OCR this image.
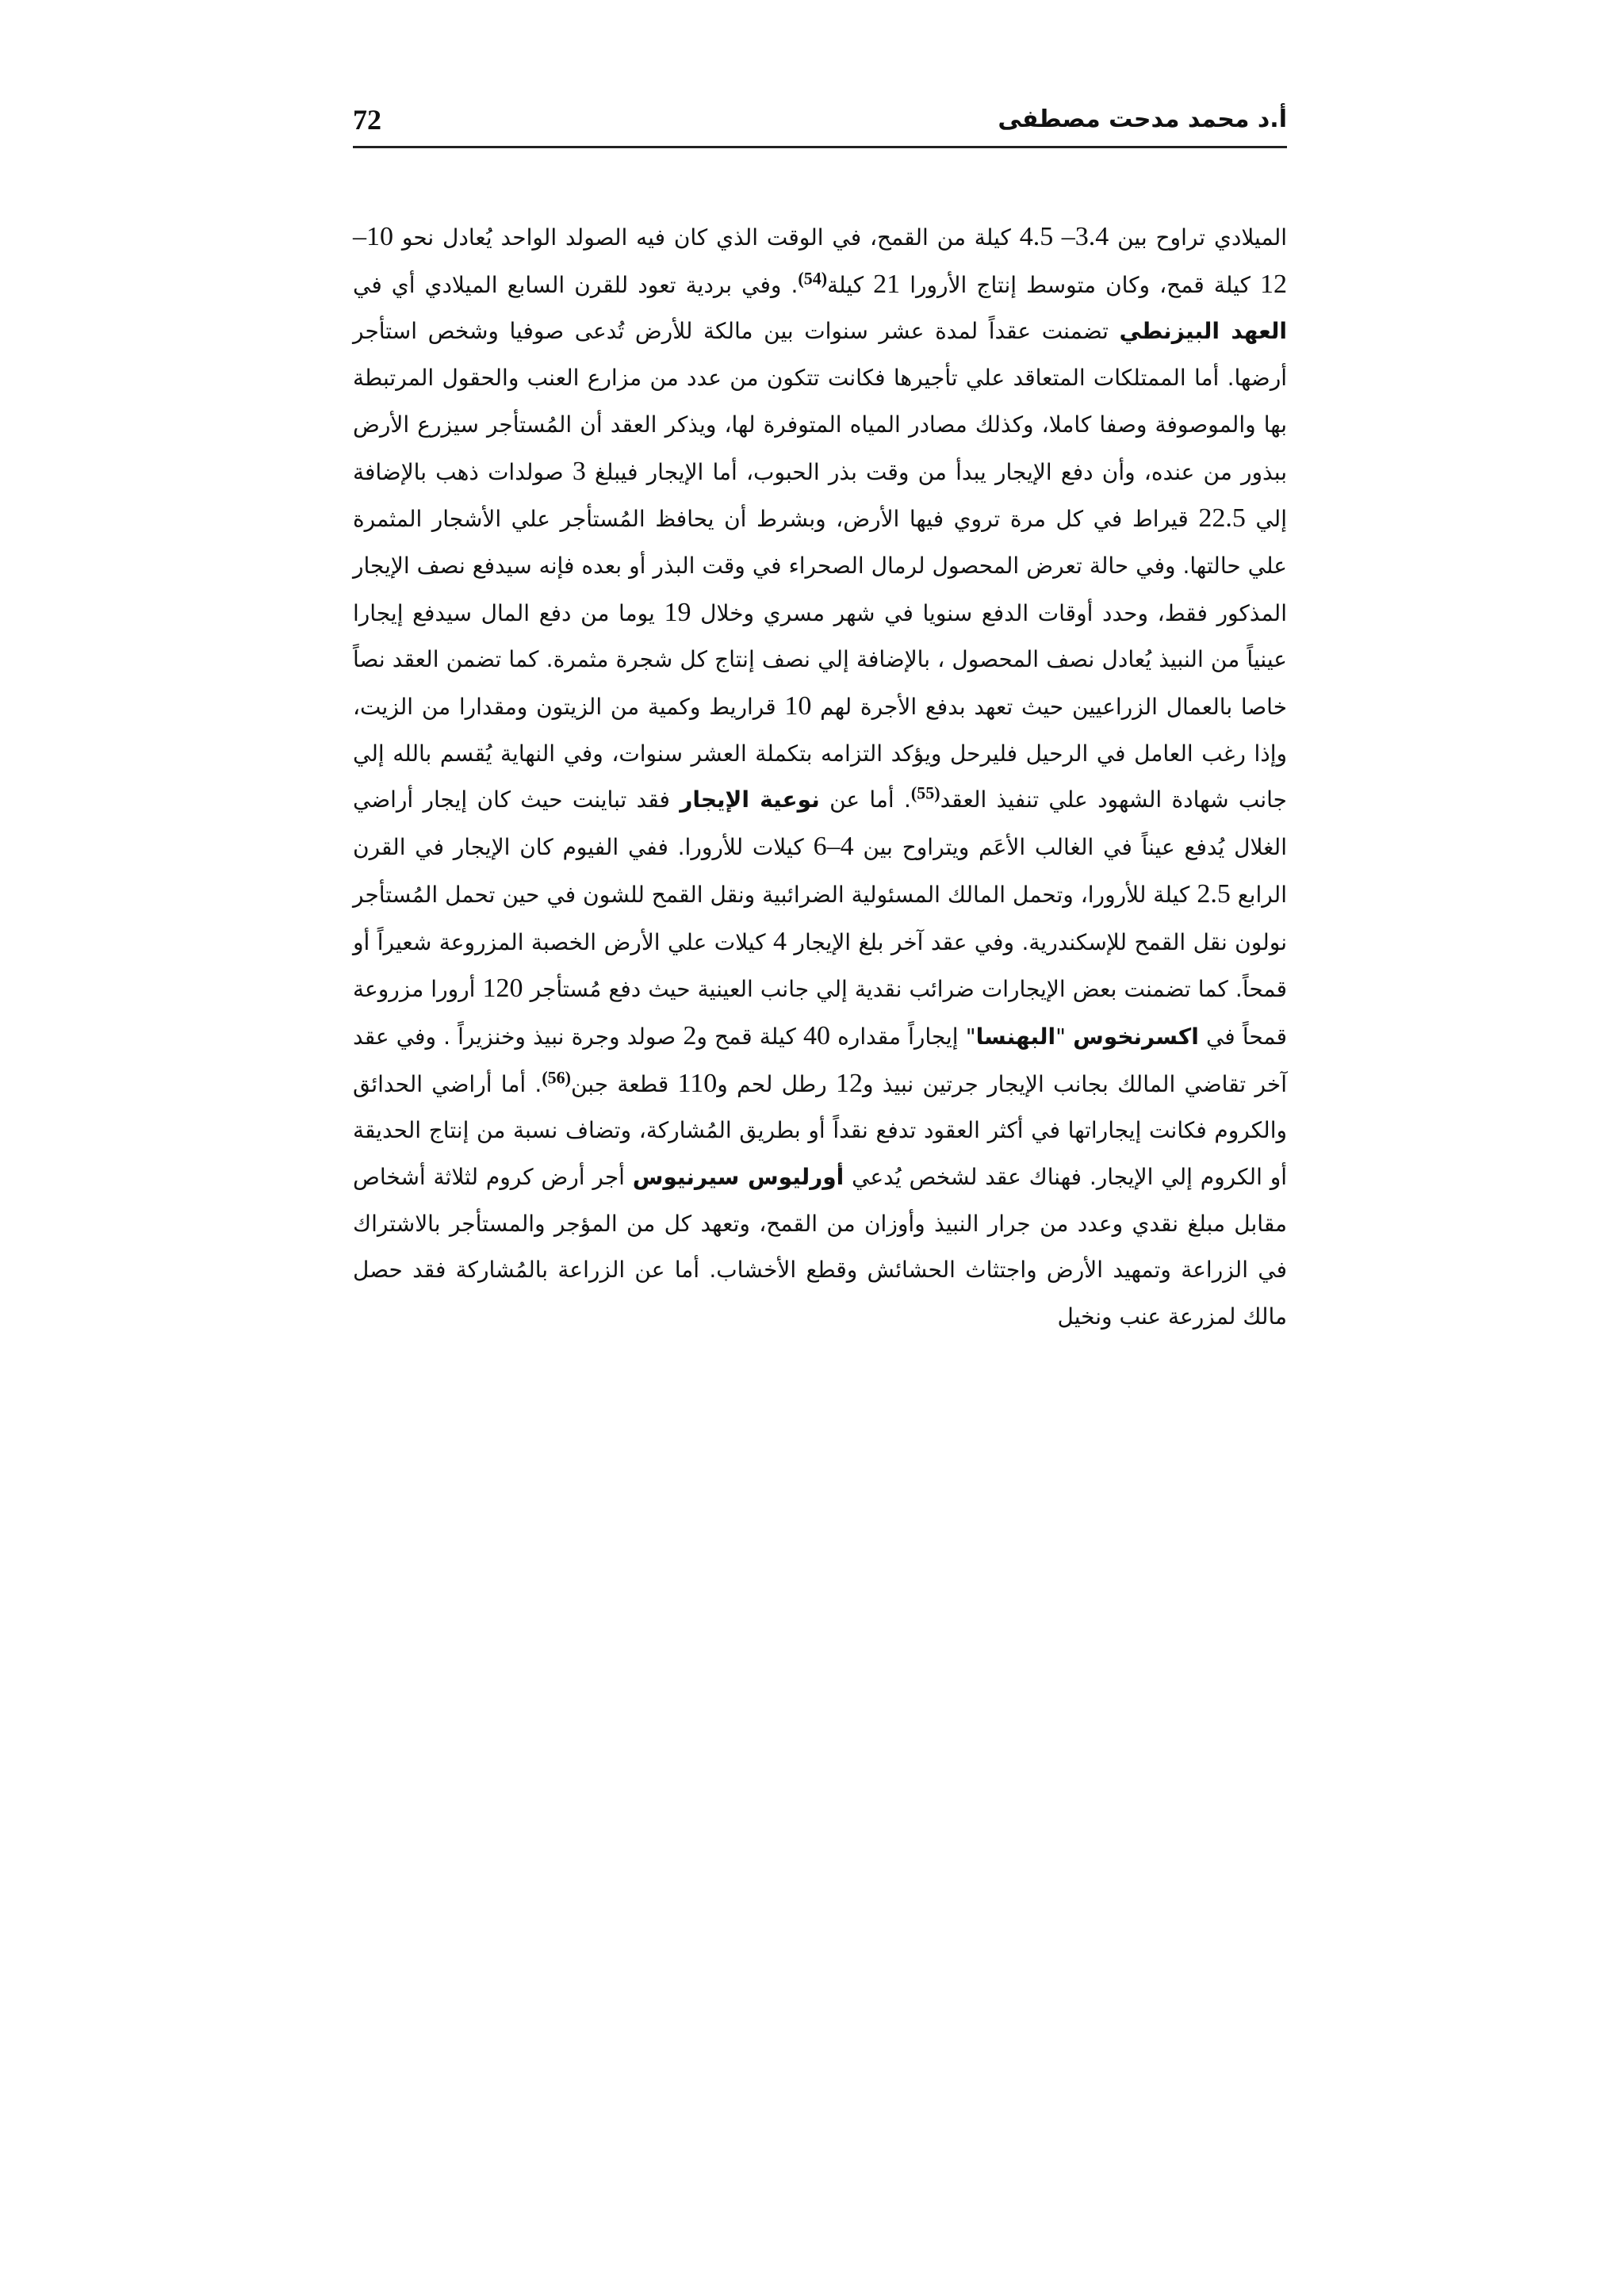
أ.د محمد مدحت مصطفى
72

الميلادي تراوح بين 3.4– 4.5 كيلة من القمح، في الوقت الذي كان فيه الصولد الواحد يُعادل نحو 10–12 كيلة قمح، وكان متوسط إنتاج الأرورا 21 كيلة$^{(54)}$. وفي بردية تعود للقرن السابع الميلادي أي في العهد البيزنطي تضمنت عقداً لمدة عشر سنوات بين مالكة للأرض تُدعى صوفيا وشخص استأجر أرضها. أما الممتلكات المتعاقد علي تأجيرها فكانت تتكون من عدد من مزارع العنب والحقول المرتبطة بها والموصوفة وصفا كاملا، وكذلك مصادر المياه المتوفرة لها، ويذكر العقد أن المُستأجر سيزرع الأرض ببذور من عنده، وأن دفع الإيجار يبدأ من وقت بذر الحبوب، أما الإيجار فيبلغ 3 صولدات ذهب بالإضافة إلي 22.5 قيراط في كل مرة تروي فيها الأرض، وبشرط أن يحافظ المُستأجر علي الأشجار المثمرة علي حالتها. وفي حالة تعرض المحصول لرمال الصحراء في وقت البذر أو بعده فإنه سيدفع نصف الإيجار المذكور فقط، وحدد أوقات الدفع سنويا في شهر مسري وخلال 19 يوما من دفع المال سيدفع إيجارا عينياً من النبيذ يُعادل نصف المحصول ، بالإضافة إلي نصف إنتاج كل شجرة مثمرة. كما تضمن العقد نصاً خاصا بالعمال الزراعيين حيث تعهد بدفع الأجرة لهم 10 قراريط وكمية من الزيتون ومقدارا من الزيت، وإذا رغب العامل في الرحيل فليرحل ويؤكد التزامه بتكملة العشر سنوات، وفي النهاية يُقسم بالله إلي جانب شهادة الشهود علي تنفيذ العقد$^{(55)}$. أما عن نوعية الإيجار فقد تباينت حيث كان إيجار أراضي الغلال يُدفع عيناً في الغالب الأعَم ويتراوح بين 4–6 كيلات للأرورا. ففي الفيوم كان الإيجار في القرن الرابع 2.5 كيلة للأرورا، وتحمل المالك المسئولية الضرائبية ونقل القمح للشون في حين تحمل المُستأجر نولون نقل القمح للإسكندرية. وفي عقد آخر بلغ الإيجار 4 كيلات علي الأرض الخصبة المزروعة شعيراً أو قمحاً. كما تضمنت بعض الإيجارات ضرائب نقدية إلي جانب العينية حيث دفع مُستأجر 120 أرورا مزروعة قمحاً في اكسرنخوس "البهنسا" إيجاراً مقداره 40 كيلة قمح و2 صولد وجرة نبيذ وخنزيراً . وفي عقد آخر تقاضي المالك بجانب الإيجار جرتين نبيذ و12 رطل لحم و110 قطعة جبن$^{(56)}$. أما أراضي الحدائق والكروم فكانت إيجاراتها في أكثر العقود تدفع نقداً أو بطريق المُشاركة، وتضاف نسبة من إنتاج الحديقة أو الكروم إلي الإيجار. فهناك عقد لشخص يُدعي أورليوس سيرنيوس أجر أرض كروم لثلاثة أشخاص مقابل مبلغ نقدي وعدد من جرار النبيذ وأوزان من القمح، وتعهد كل من المؤجر والمستأجر بالاشتراك في الزراعة وتمهيد الأرض واجتثاث الحشائش وقطع الأخشاب. أما عن الزراعة بالمُشاركة فقد حصل مالك لمزرعة عنب ونخيل
